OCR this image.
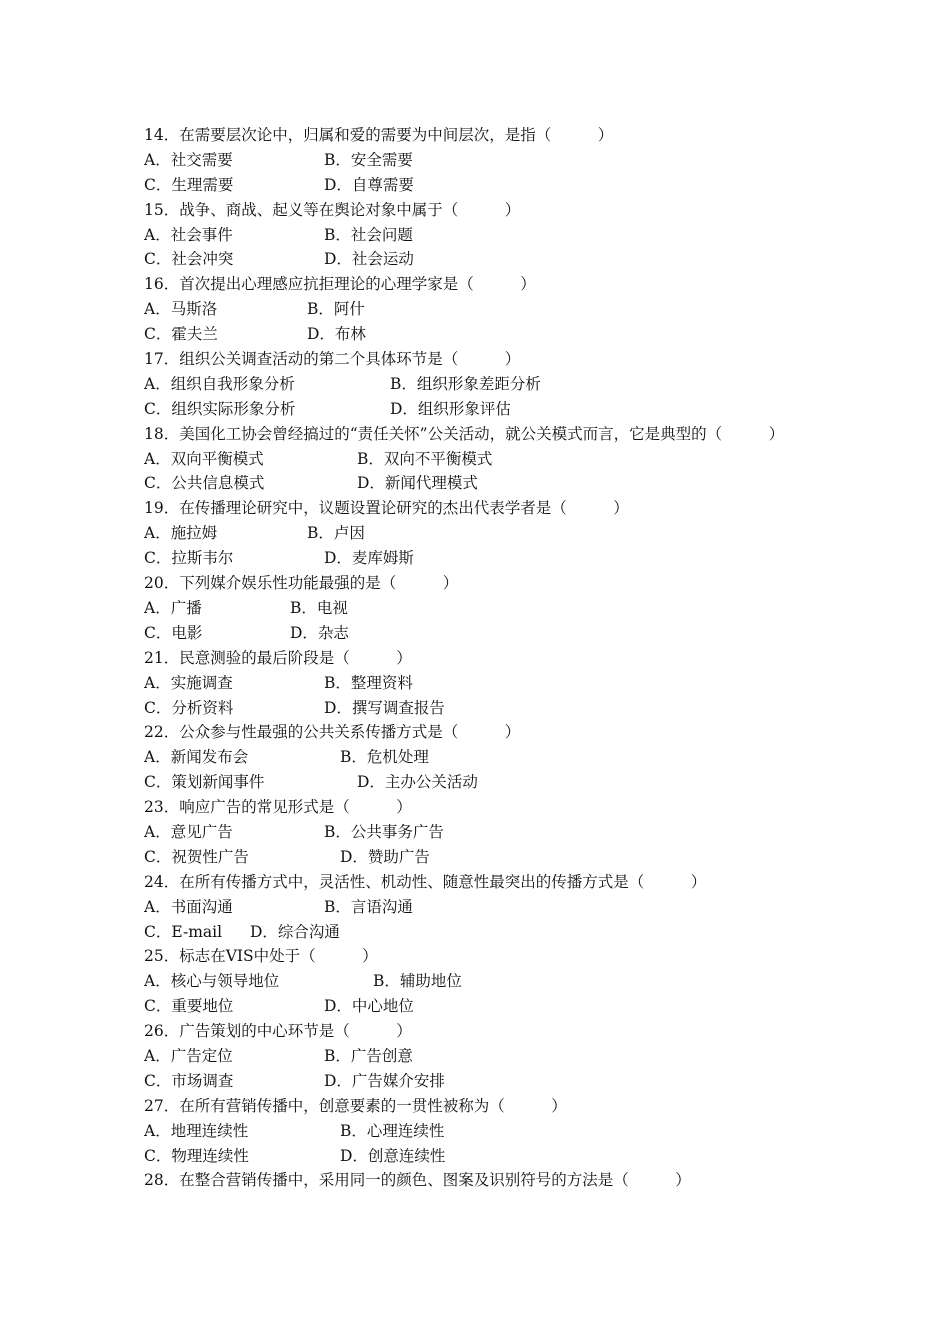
14．在需要层次论中，归属和爱的需要为中间层次，是指（　　　）
A．社交需要	B．安全需要
C．生理需要	D．自尊需要
15．战争、商战、起义等在舆论对象中属于（　　　）
A．社会事件	B．社会问题
C．社会冲突	D．社会运动
16．首次提出心理感应抗拒理论的心理学家是（　　　）
A．马斯洛	B．阿什
C．霍夫兰	D．布林
17．组织公关调查活动的第二个具体环节是（　　　）
A．组织自我形象分析	B．组织形象差距分析
C．组织实际形象分析	D．组织形象评估
18．美国化工协会曾经搞过的“责任关怀”公关活动，就公关模式而言，它是典型的（　　　）
A．双向平衡模式	B．双向不平衡模式
C．公共信息模式	D．新闻代理模式
19．在传播理论研究中，议题设置论研究的杰出代表学者是（　　　）
A．施拉姆	B．卢因
C．拉斯韦尔	D．麦库姆斯
20．下列媒介娱乐性功能最强的是（　　　）
A．广播	B．电视
C．电影	D．杂志
21．民意测验的最后阶段是（　　　）
A．实施调查	B．整理资料
C．分析资料	D．撰写调查报告
22．公众参与性最强的公共关系传播方式是（　　　）
A．新闻发布会	B．危机处理
C．策划新闻事件	D．主办公关活动
23．响应广告的常见形式是（　　　）
A．意见广告	B．公共事务广告
C．祝贺性广告	D．赞助广告
24．在所有传播方式中，灵活性、机动性、随意性最突出的传播方式是（　　　）
A．书面沟通	B．言语沟通
C．E-mail D．综合沟通
25．标志在VIS中处于（　　　）
A．核心与领导地位	B．辅助地位
C．重要地位	D．中心地位
26．广告策划的中心环节是（　　　）
A．广告定位	B．广告创意
C．市场调查	D．广告媒介安排
27．在所有营销传播中，创意要素的一贯性被称为（　　　）
A．地理连续性	B．心理连续性
C．物理连续性	D．创意连续性
28．在整合营销传播中，采用同一的颜色、图案及识别符号的方法是（　　　）
